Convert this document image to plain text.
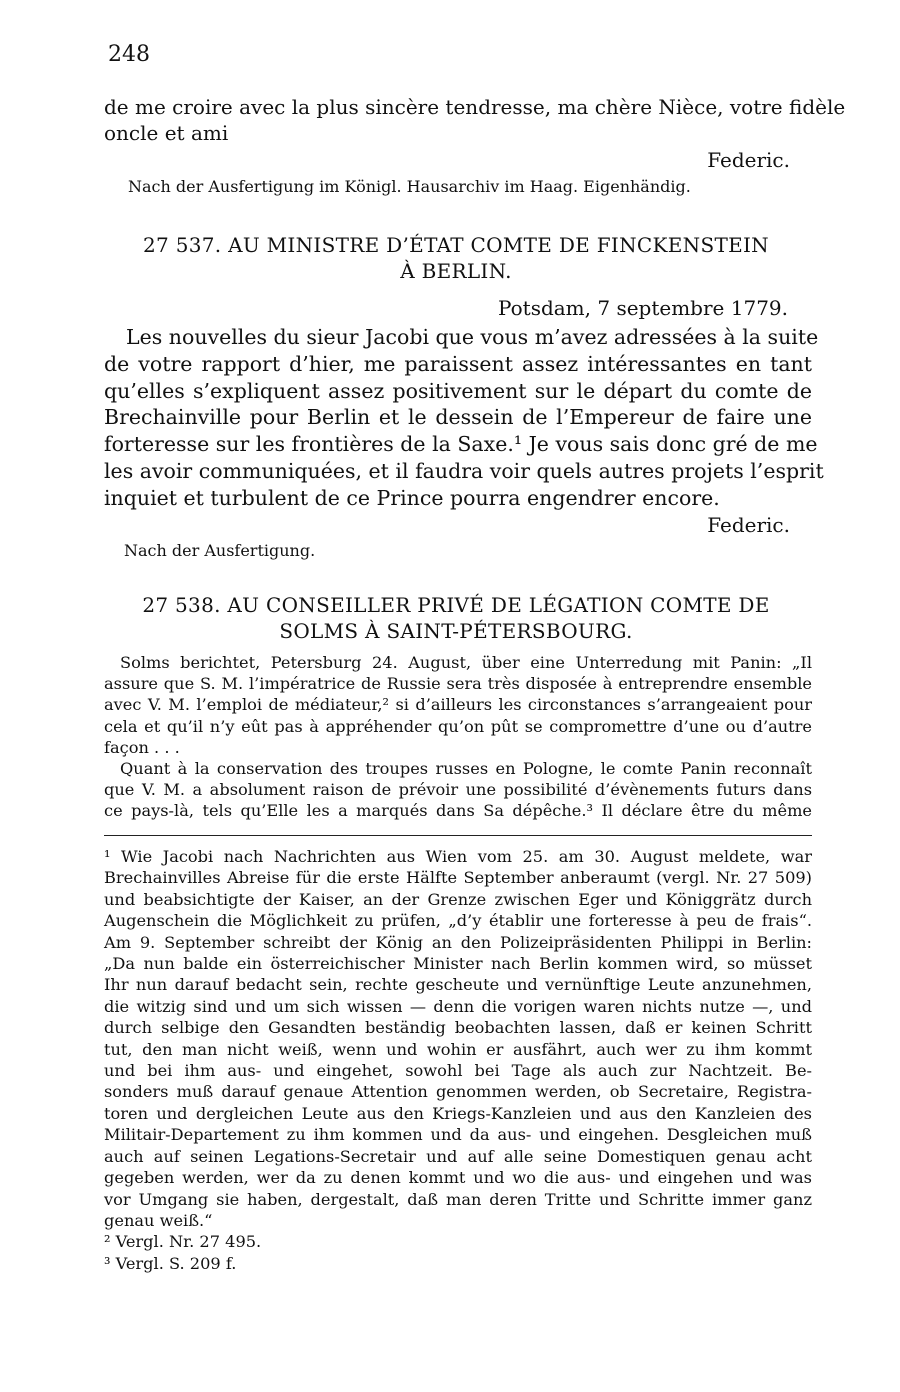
248
de me croire avec la plus sincère tendresse, ma chère Nièce, votre fidèle
oncle et ami
Federic.
Nach der Ausfertigung im Königl. Hausarchiv im Haag. Eigenhändig.
27 537. AU MINISTRE D’ÉTAT COMTE DE FINCKENSTEIN
À BERLIN.
Potsdam, 7 septembre 1779.
Les nouvelles du sieur Jacobi que vous m’avez adressées à la suite
de votre rapport d’hier, me paraissent assez intéressantes en tant
qu’elles s’expliquent assez positivement sur le départ du comte de
Brechainville pour Berlin et le dessein de l’Empereur de faire une
forteresse sur les frontières de la Saxe.¹ Je vous sais donc gré de me
les avoir communiquées, et il faudra voir quels autres projets l’esprit
inquiet et turbulent de ce Prince pourra engendrer encore.
Federic.
Nach der Ausfertigung.
27 538. AU CONSEILLER PRIVÉ DE LÉGATION COMTE DE
SOLMS À SAINT-PÉTERSBOURG.
Solms berichtet, Petersburg 24. August, über eine Unterredung mit Panin: „Il
assure que S. M. l’impératrice de Russie sera très disposée à entreprendre ensemble
avec V. M. l’emploi de médiateur,² si d’ailleurs les circonstances s’arrangeaient pour
cela et qu’il n’y eût pas à appréhender qu’on pût se compromettre d’une ou d’autre
façon . . .
Quant à la conservation des troupes russes en Pologne, le comte Panin reconnaît
que V. M. a absolument raison de prévoir une possibilité d’évènements futurs dans
ce pays-là, tels qu’Elle les a marqués dans Sa dépêche.³ Il déclare être du même
¹ Wie Jacobi nach Nachrichten aus Wien vom 25. am 30. August meldete, war
Brechainvilles Abreise für die erste Hälfte September anberaumt (vergl. Nr. 27 509)
und beabsichtigte der Kaiser, an der Grenze zwischen Eger und Königgrätz durch
Augenschein die Möglichkeit zu prüfen, „d’y établir une forteresse à peu de frais“.
Am 9. September schreibt der König an den Polizeipräsidenten Philippi in Berlin:
„Da nun balde ein österreichischer Minister nach Berlin kommen wird, so müsset
Ihr nun darauf bedacht sein, rechte gescheute und vernünftige Leute anzunehmen,
die witzig sind und um sich wissen — denn die vorigen waren nichts nutze —, und
durch selbige den Gesandten beständig beobachten lassen, daß er keinen Schritt
tut, den man nicht weiß, wenn und wohin er ausfährt, auch wer zu ihm kommt
und bei ihm aus- und eingehet, sowohl bei Tage als auch zur Nachtzeit. Be-
sonders muß darauf genaue Attention genommen werden, ob Secretaire, Registra-
toren und dergleichen Leute aus den Kriegs-Kanzleien und aus den Kanzleien des
Militair-Departement zu ihm kommen und da aus- und eingehen. Desgleichen muß
auch auf seinen Legations-Secretair und auf alle seine Domestiquen genau acht
gegeben werden, wer da zu denen kommt und wo die aus- und eingehen und was
vor Umgang sie haben, dergestalt, daß man deren Tritte und Schritte immer ganz
genau weiß.“
² Vergl. Nr. 27 495.
³ Vergl. S. 209 f.
